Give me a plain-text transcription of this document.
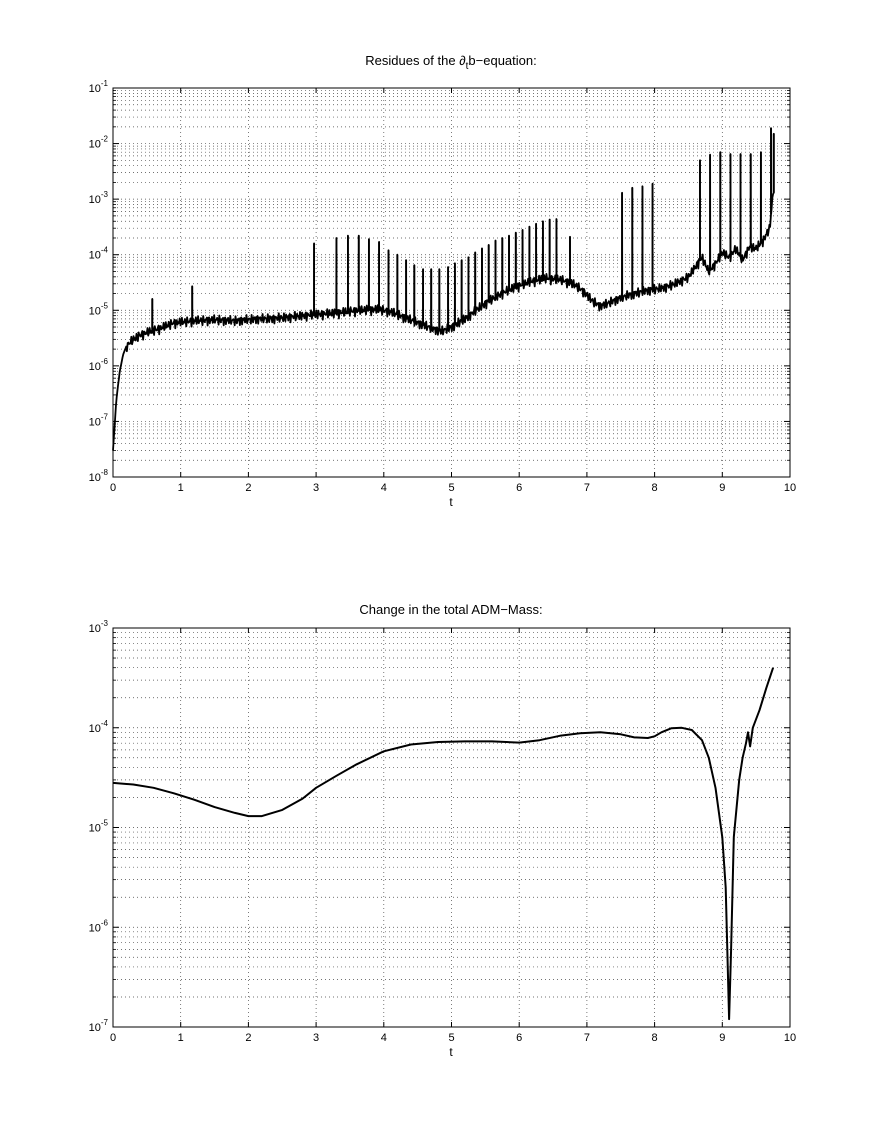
Residues of the $\partial_tb-equation$:
0	1	2	3	4	5	6	7	8	9	10
$10^{-8}$
$10^{-7}$
$10^{-6}$
$10^{-5}$
$10^{-4}$
$10^{-3}$
$10^{-2}$
$10^{-1}$
t
Change in the total ADM−Mass:
0	1	2	3	4	5	6	7	8	9	10
$10^{-7}$
$10^{-6}$
$10^{-5}$
$10^{-4}$
$10^{-3}$
t
